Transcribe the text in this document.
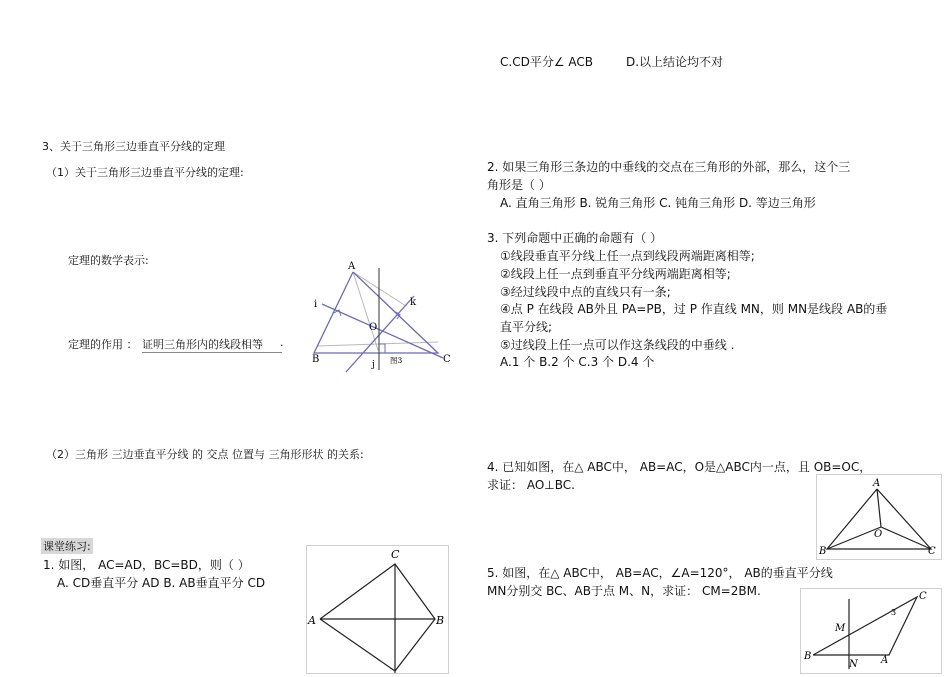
C.CD平分∠ ACB	D.以上结论均不对
3、关于三角形三边垂直平分线的定理
（1）关于三角形三边垂直平分线的定理:
定理的数学表示:
定理的作用 ： 证明三角形内的线段相等	.
（2）三角形 三边垂直平分线 的 交点 位置与 三角形形状 的关系:
课堂练习:
1. 如图， AC=AD，BC=BD，则（ ）
A. CD垂直平分 AD B. AB垂直平分 CD
A
B	C
O
i	k
j 图3
C
A	B
2. 如果三角形三条边的中垂线的交点在三角形的外部，那么，这个三
角形是（ ）
A. 直角三角形 B. 锐角三角形 C. 钝角三角形 D. 等边三角形
3. 下列命题中正确的命题有（ ）
①线段垂直平分线上任一点到线段两端距离相等;
②线段上任一点到垂直平分线两端距离相等;
③经过线段中点的直线只有一条;
④点 P 在线段 AB外且 PA=PB，过 P 作直线 MN，则 MN是线段 AB的垂
直平分线;
⑤过线段上任一点可以作这条线段的中垂线 .
A.1 个 B.2 个 C.3 个 D.4 个
4. 已知如图，在△ ABC中， AB=AC，O是△ABC内一点，且 OB=OC，
求证： AO⊥BC.
5. 如图，在△ ABC中， AB=AC，∠A=120°， AB的垂直平分线
MN分别交 BC、AB于点 M、N，求证： CM=2BM.
A
B	C
O
C
B	A
M
N
3
